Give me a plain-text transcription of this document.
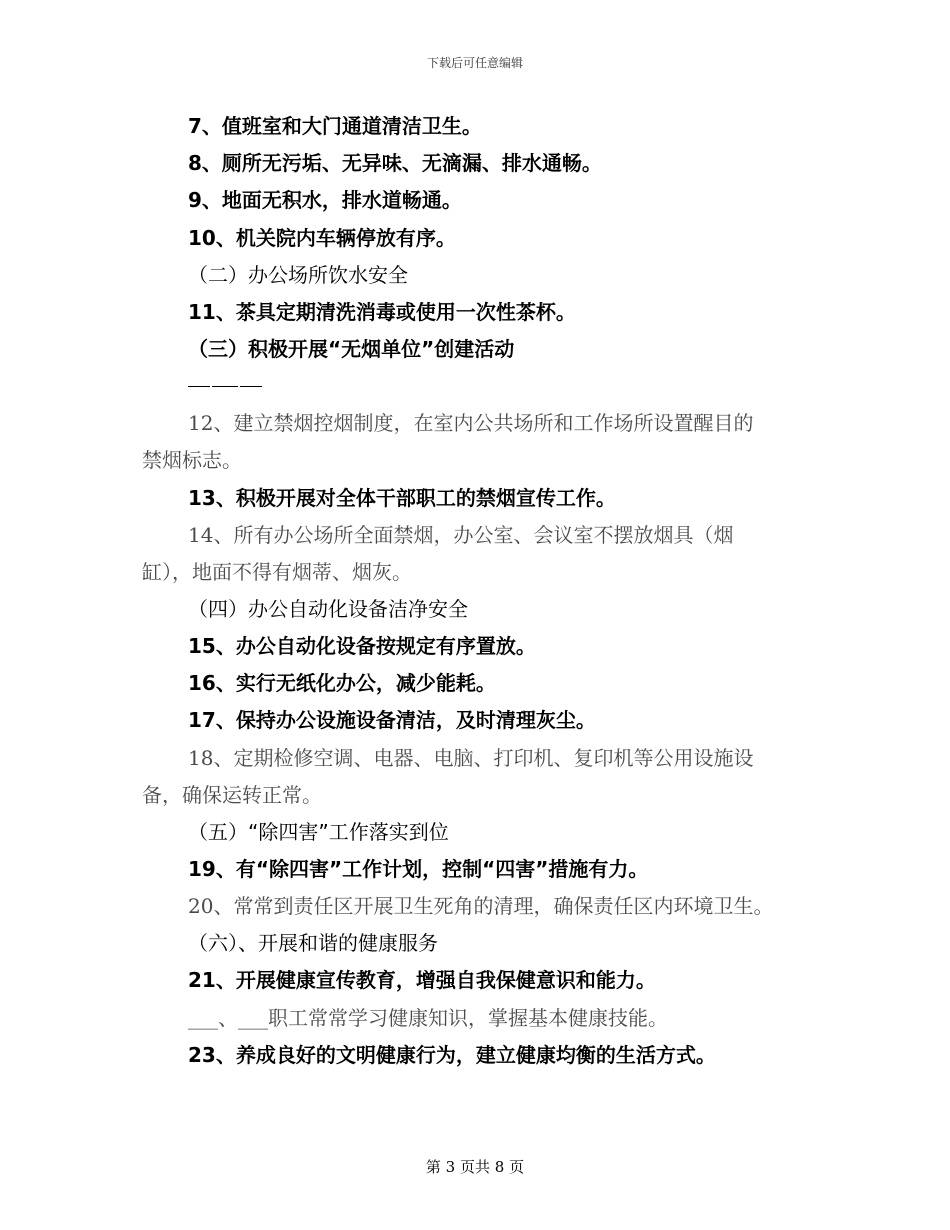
下载后可任意编辑
7、值班室和大门通道清洁卫生。
8、厕所无污垢、无异味、无滴漏、排水通畅。
9、地面无积水，排水道畅通。
10、机关院内车辆停放有序。
（二）办公场所饮水安全
11、茶具定期清洗消毒或使用一次性茶杯。
（三）积极开展“无烟单位”创建活动
12、建立禁烟控烟制度，在室内公共场所和工作场所设置醒目的
禁烟标志。
13、积极开展对全体干部职工的禁烟宣传工作。
14、所有办公场所全面禁烟，办公室、会议室不摆放烟具（烟
缸），地面不得有烟蒂、烟灰。
（四）办公自动化设备洁净安全
15、办公自动化设备按规定有序置放。
16、实行无纸化办公，减少能耗。
17、保持办公设施设备清洁，及时清理灰尘。
18、定期检修空调、电器、电脑、打印机、复印机等公用设施设
备，确保运转正常。
（五）“除四害”工作落实到位
19、有“除四害”工作计划，控制“四害”措施有力。
20、常常到责任区开展卫生死角的清理，确保责任区内环境卫生。
（六）、开展和谐的健康服务
21、开展健康宣传教育，增强自我保健意识和能力。
___、___职工常常学习健康知识，掌握基本健康技能。
23、养成良好的文明健康行为，建立健康均衡的生活方式。
第 3 页共 8 页
